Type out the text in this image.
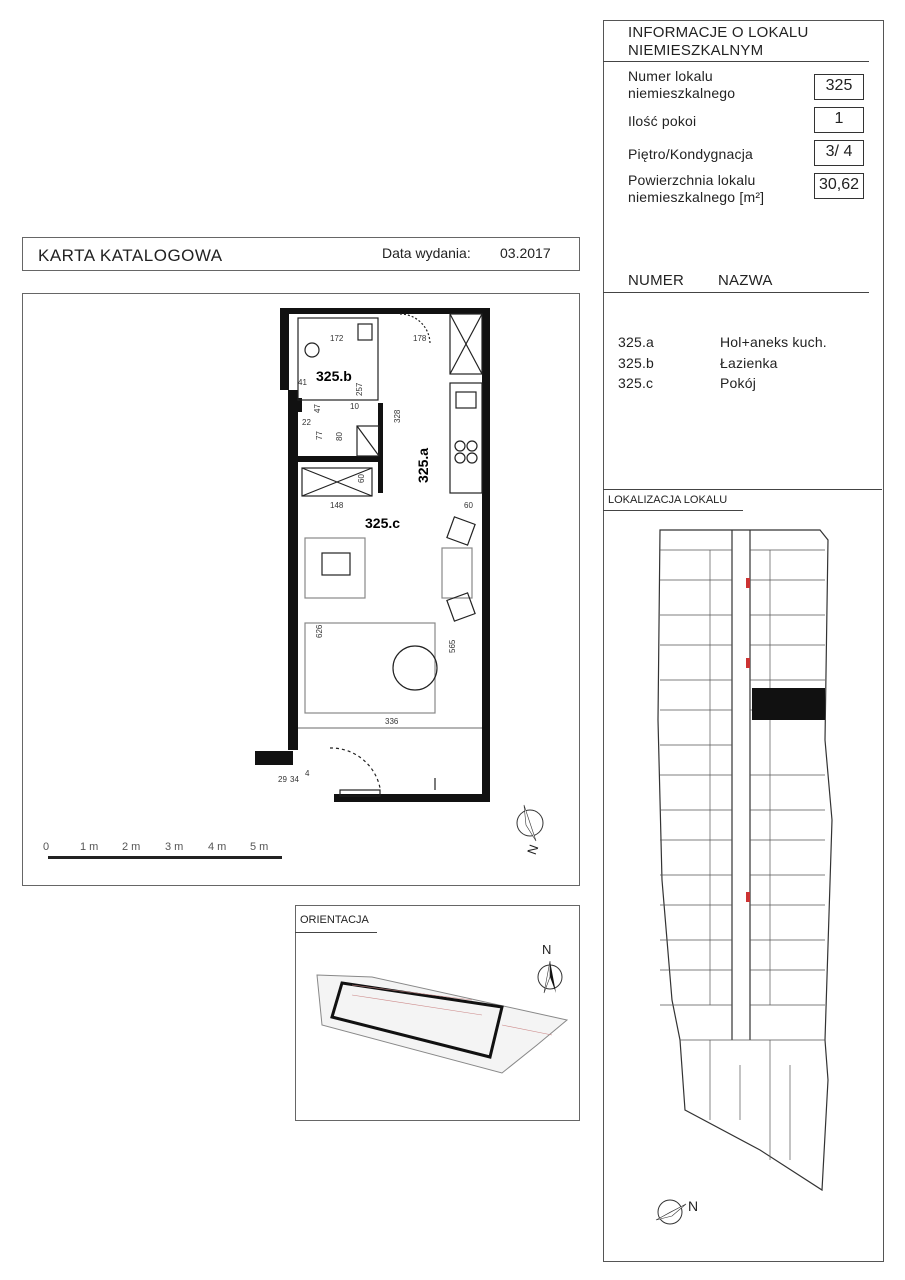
INFORMACJE O LOKALU
NIEMIESZKALNYM
Numer lokalu
niemieszkalnego	325
Ilość pokoi	1
Piętro/Kondygnacja	3/ 4
Powierzchnia lokalu
niemieszkalnego [m²]
30,62
NUMER NAZWA
325.a	Hol+aneks kuch.
325.b	Łazienka
325.c	Pokój
LOKALIZACJA LOKALU
N
KARTA KATALOGOWA	Data wydania: 03.2017
325.b
325.a
325.c
172	178
41
47	10
257
328
22
77 80
60
148	60
626
565
336
29 34
4
N
0	1 m 2 m 3 m 4 m 5 m
ORIENTACJA
N
